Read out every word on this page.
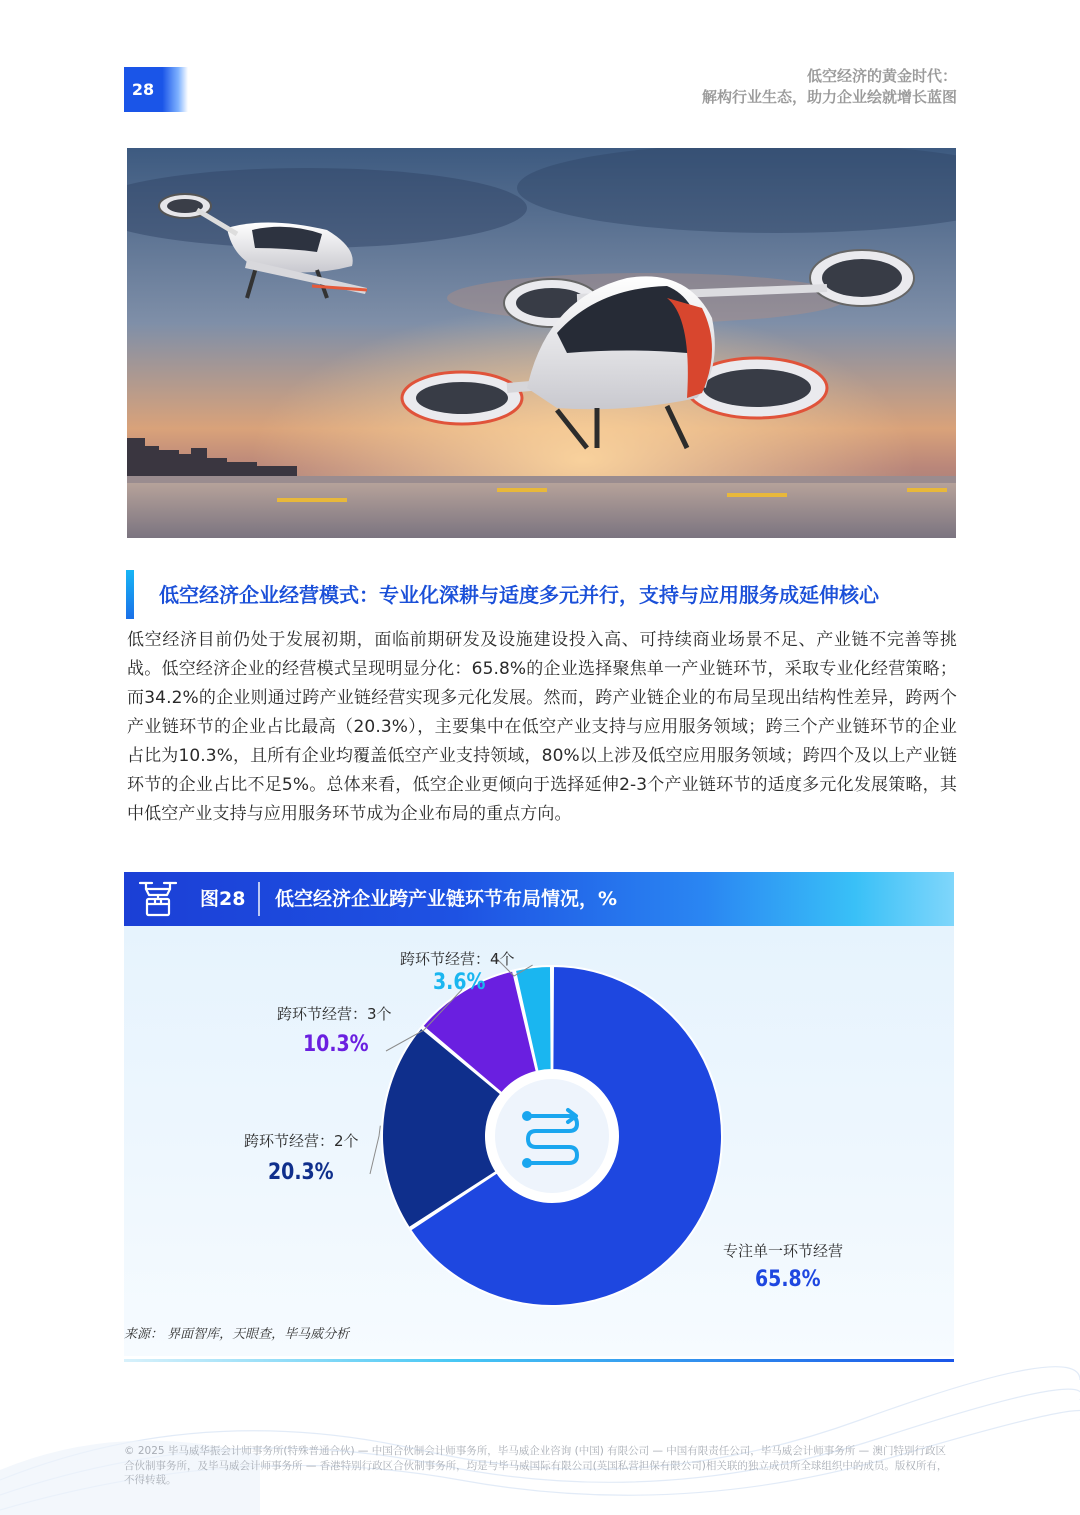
28
低空经济的黄金时代：
解构行业生态，助力企业绘就增长蓝图
低空经济企业经营模式：专业化深耕与适度多元并行，支持与应用服务成延伸核心
低空经济目前仍处于发展初期，面临前期研发及设施建设投入高、可持续商业场景不足、产业链不完善等挑战。低空经济企业的经营模式呈现明显分化：65.8%的企业选择聚焦单一产业链环节，采取专业化经营策略；而34.2%的企业则通过跨产业链经营实现多元化发展。然而，跨产业链企业的布局呈现出结构性差异，跨两个产业链环节的企业占比最高（20.3%），主要集中在低空产业支持与应用服务领域；跨三个产业链环节的企业占比为10.3%，且所有企业均覆盖低空产业支持领域，80%以上涉及低空应用服务领域；跨四个及以上产业链环节的企业占比不足5%。总体来看，低空企业更倾向于选择延伸2-3个产业链环节的适度多元化发展策略，其中低空产业支持与应用服务环节成为企业布局的重点方向。
图28 低空经济企业跨产业链环节布局情况，%
跨环节经营：4个
3.6%
跨环节经营：3个
10.3%
跨环节经营：2个
20.3%
专注单一环节经营
65.8%
来源： 界面智库，天眼查，毕马威分析
© 2025 毕马威华振会计师事务所(特殊普通合伙) — 中国合伙制会计师事务所，毕马威企业咨询 (中国) 有限公司 — 中国有限责任公司，毕马威会计师事务所 — 澳门特别行政区合伙制事务所，及毕马威会计师事务所 — 香港特别行政区合伙制事务所，均是与毕马威国际有限公司(英国私营担保有限公司)相关联的独立成员所全球组织中的成员。版权所有，不得转载。
